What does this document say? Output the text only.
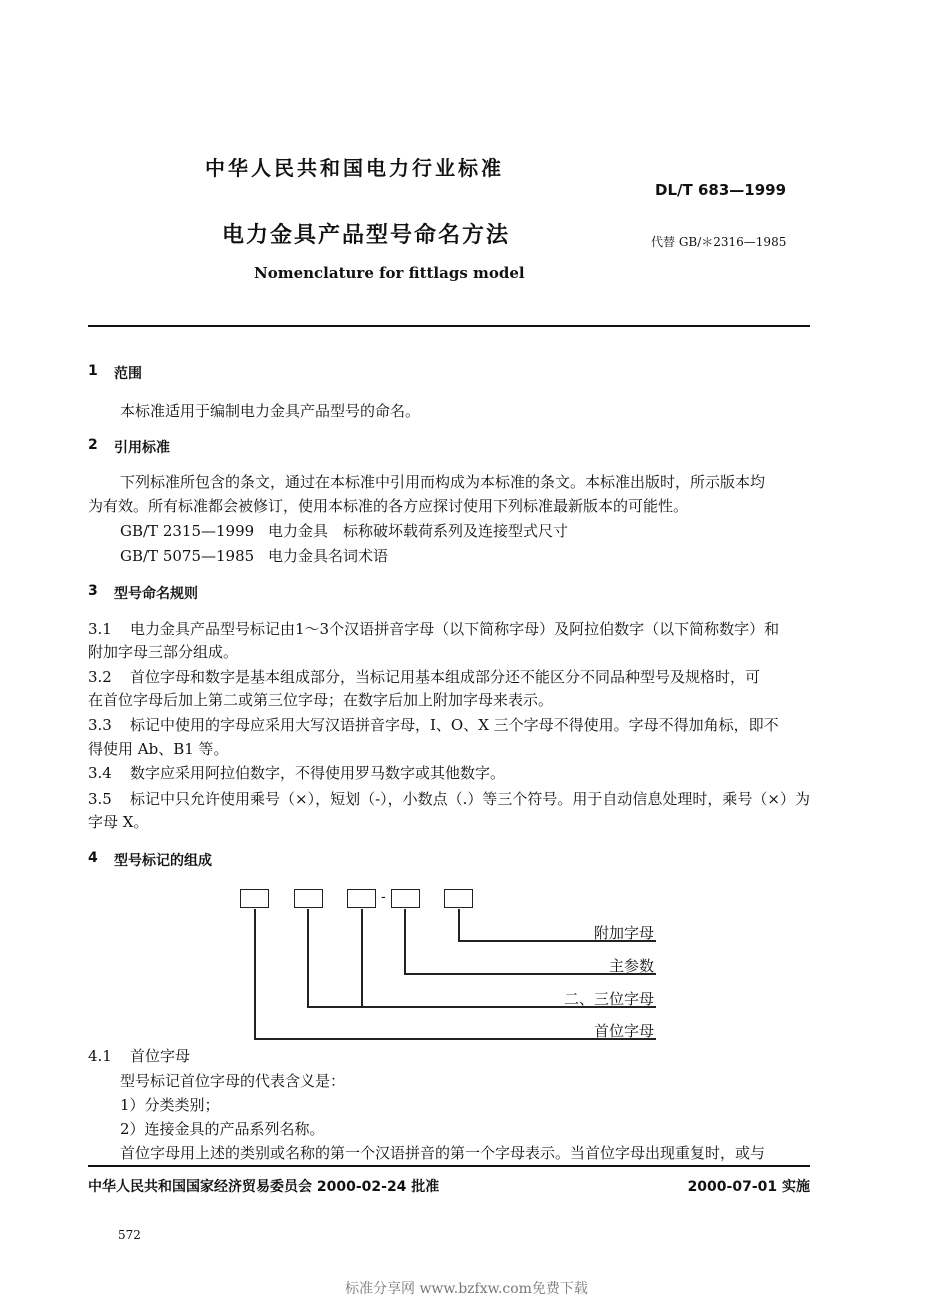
中华人民共和国电力行业标准
DL/T 683—1999
电力金具产品型号命名方法	代替 GB/＊2316—1985
Nomenclature for fittlags model
1 范围
本标准适用于编制电力金具产品型号的命名。
2 引用标准
下列标准所包含的条文，通过在本标准中引用而构成为本标准的条文。本标准出版时，所示版本均
为有效。所有标准都会被修订，使用本标准的各方应探讨使用下列标准最新版本的可能性。
GB/T 2315—1999 电力金具　标称破坏载荷系列及连接型式尺寸
GB/T 5075—1985 电力金具名词术语
3 型号命名规则
3.1 电力金具产品型号标记由1～3个汉语拼音字母（以下简称字母）及阿拉伯数字（以下简称数字）和
附加字母三部分组成。
3.2 首位字母和数字是基本组成部分，当标记用基本组成部分还不能区分不同品种型号及规格时，可
在首位字母后加上第二或第三位字母；在数字后加上附加字母来表示。
3.3 标记中使用的字母应采用大写汉语拼音字母，I、O、X 三个字母不得使用。字母不得加角标，即不
得使用 Ab、B1 等。
3.4 数字应采用阿拉伯数字，不得使用罗马数字或其他数字。
3.5 标记中只允许使用乘号（×），短划（-），小数点（.）等三个符号。用于自动信息处理时，乘号（×）为
字母 X。
4 型号标记的组成
-
附加字母
主参数
二、三位字母
首位字母
4.1 首位字母
型号标记首位字母的代表含义是：
1）分类类别；
2）连接金具的产品系列名称。
首位字母用上述的类别或名称的第一个汉语拼音的第一个字母表示。当首位字母出现重复时，或与
中华人民共和国国家经济贸易委员会 2000-02-24 批准	2000-07-01 实施
572
标准分享网 www.bzfxw.com免费下载
